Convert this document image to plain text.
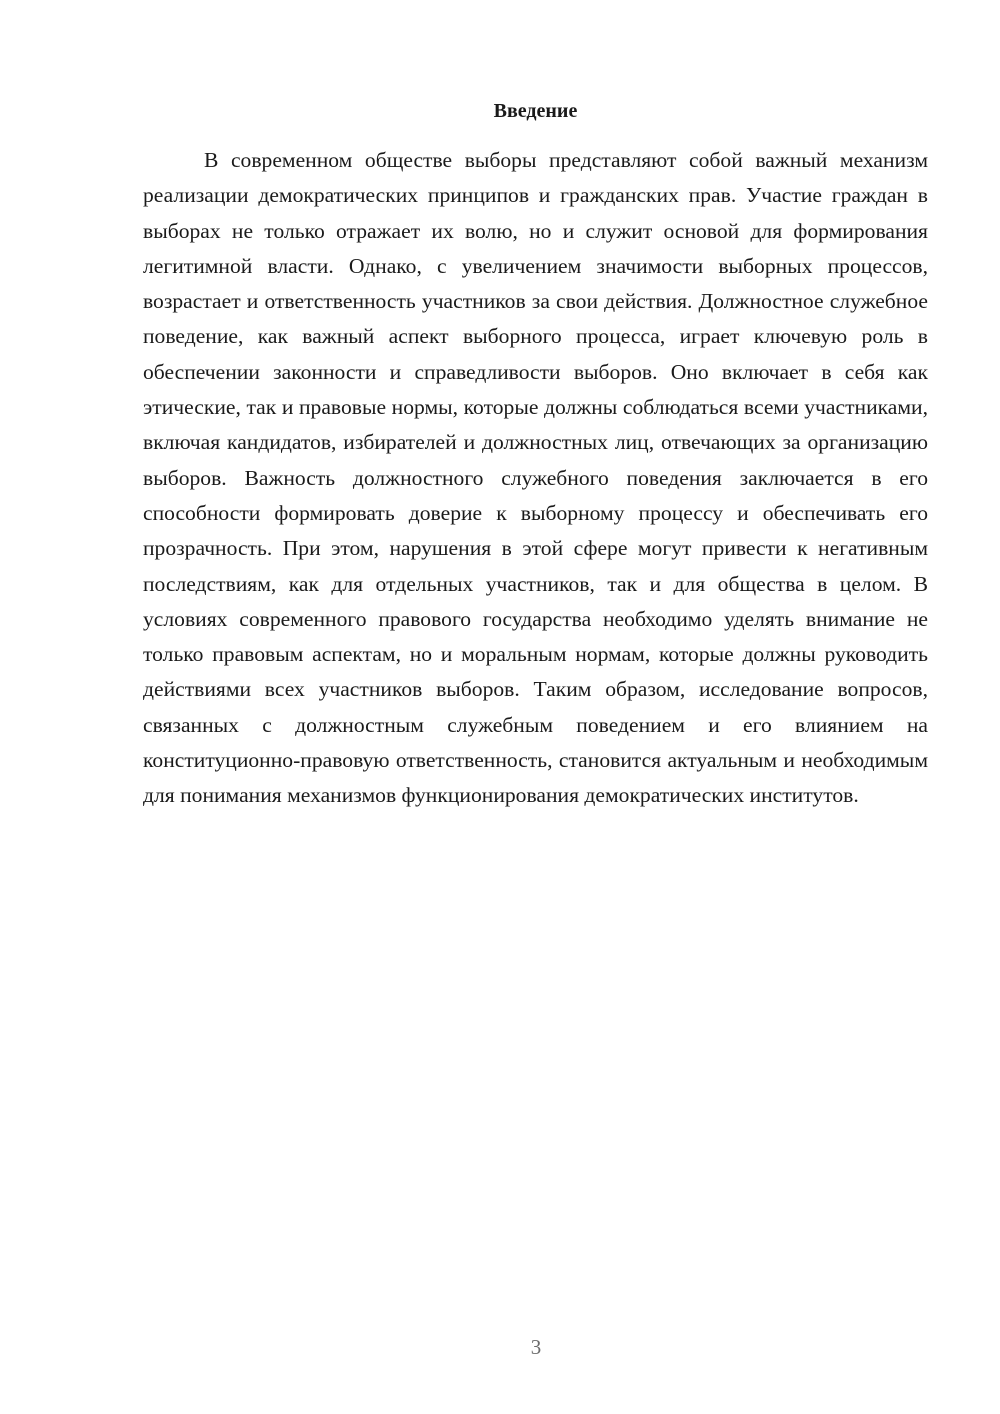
Введение

В современном обществе выборы представляют собой важный механизм реализации демократических принципов и гражданских прав. Участие граждан в выборах не только отражает их волю, но и служит основой для формирования легитимной власти. Однако, с увеличением значимости выборных процессов, возрастает и ответственность участников за свои действия. Должностное служебное поведение, как важный аспект выборного процесса, играет ключевую роль в обеспечении законности и справедливости выборов. Оно включает в себя как этические, так и правовые нормы, которые должны соблюдаться всеми участниками, включая кандидатов, избирателей и должностных лиц, отвечающих за организацию выборов. Важность должностного служебного поведения заключается в его способности формировать доверие к выборному процессу и обеспечивать его прозрачность. При этом, нарушения в этой сфере могут привести к негативным последствиям, как для отдельных участников, так и для общества в целом. В условиях современного правового государства необходимо уделять внимание не только правовым аспектам, но и моральным нормам, которые должны руководить действиями всех участников выборов. Таким образом, исследование вопросов, связанных с должностным служебным поведением и его влиянием на конституционно-правовую ответственность, становится актуальным и необходимым для понимания механизмов функционирования демократических институтов.

3
